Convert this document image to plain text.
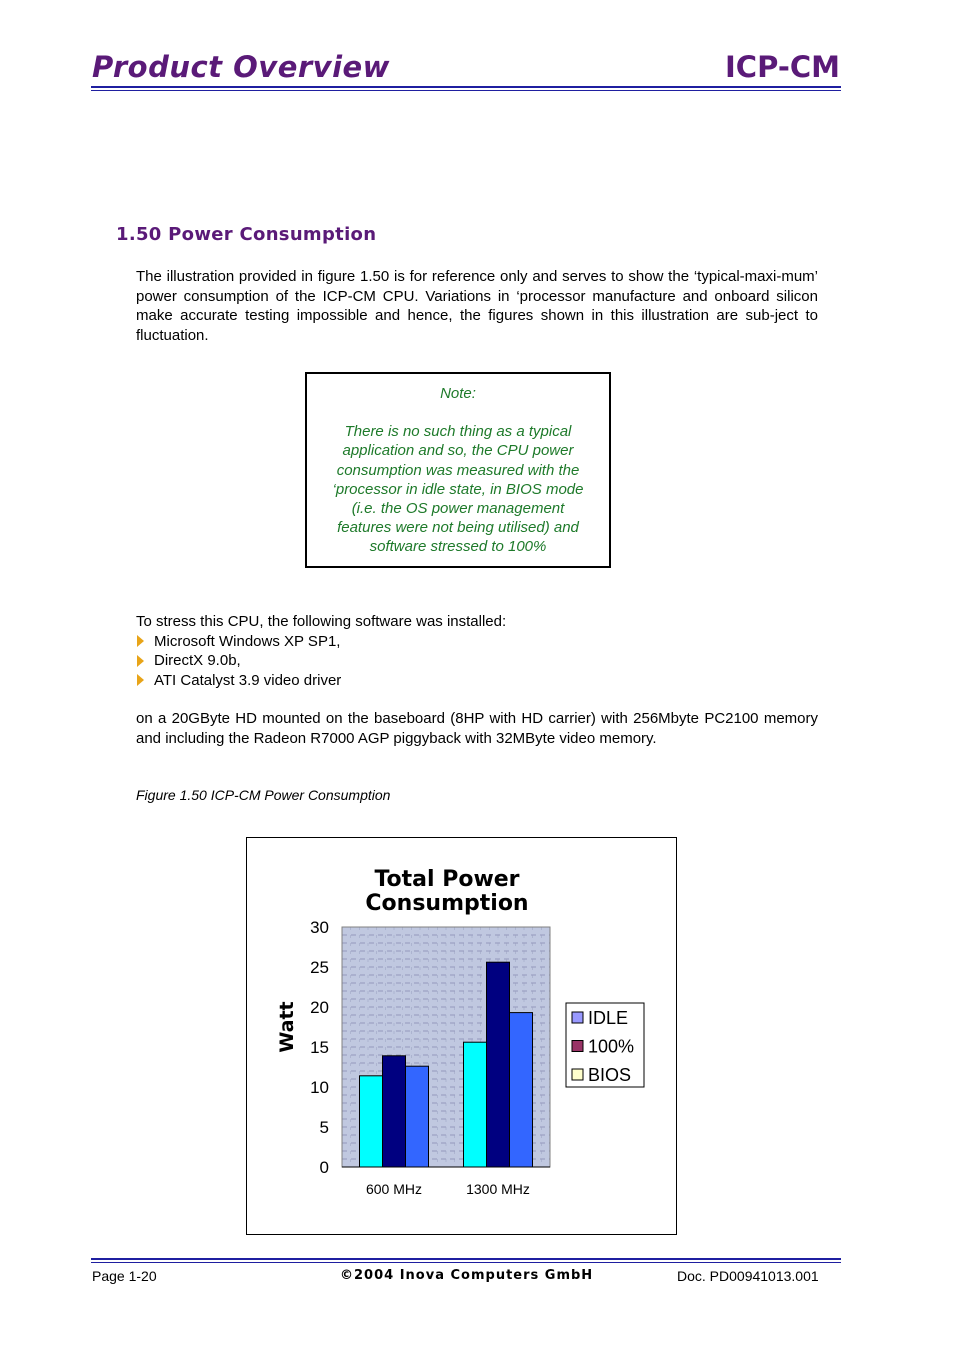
Product Overview	ICP-CM
1.50 Power Consumption
The illustration provided in figure 1.50 is for reference only and serves to show the ‘typical-maxi-mum’ power consumption of the ICP-CM CPU. Variations in ‘processor manufacture and onboard silicon make accurate testing impossible and hence, the figures shown in this illustration are sub-ject to fluctuation.
Note:
There is no such thing as a typical
application and so, the CPU power
consumption was measured with the
‘processor in idle state, in BIOS mode
(i.e. the OS power management
features were not being utilised) and
software stressed to 100%
To stress this CPU, the following software was installed:
Microsoft Windows XP SP1,
DirectX 9.0b,
ATI Catalyst 3.9 video driver
on a 20GByte HD mounted on the baseboard (8HP with HD carrier) with 256Mbyte PC2100 memory and including the Radeon R7000 AGP piggyback with 32MByte video memory.
Figure 1.50 ICP-CM Power Consumption
Total Power
Consumption
0
5
10
15
20
25
30
Watt
600 MHz	1300 MHz
IDLE
100%
BIOS
Page 1-20	©2004 Inova Computers GmbH	Doc. PD00941013.001
